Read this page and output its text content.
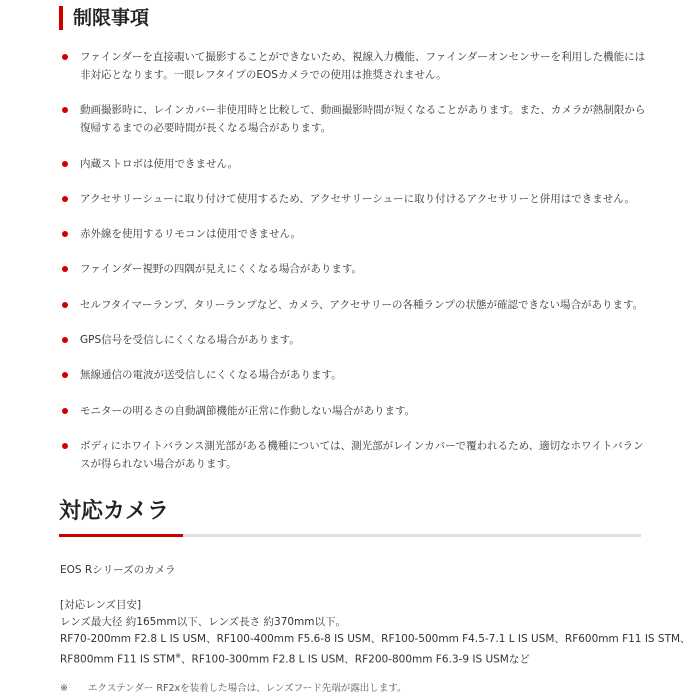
制限事項
ファインダーを直接覗いて撮影することができないため、視線入力機能、ファインダーオンセンサーを利用した機能には非対応となります。一眼レフタイプのEOSカメラでの使用は推奨されません。
動画撮影時に、レインカバー非使用時と比較して、動画撮影時間が短くなることがあります。また、カメラが熱制限から復帰するまでの必要時間が長くなる場合があります。
内蔵ストロボは使用できません。
アクセサリーシューに取り付けて使用するため、アクセサリーシューに取り付けるアクセサリーと併用はできません。
赤外線を使用するリモコンは使用できません。
ファインダー視野の四隅が見えにくくなる場合があります。
セルフタイマーランプ、タリーランプなど、カメラ、アクセサリーの各種ランプの状態が確認できない場合があります。
GPS信号を受信しにくくなる場合があります。
無線通信の電波が送受信しにくくなる場合があります。
モニターの明るさの自動調節機能が正常に作動しない場合があります。
ボディにホワイトバランス測光部がある機種については、測光部がレインカバーで覆われるため、適切なホワイトバランスが得られない場合があります。
対応カメラ
EOS Rシリーズのカメラ
[対応レンズ目安]
レンズ最大径 約165mm以下、レンズ長さ 約370mm以下。
RF70-200mm F2.8 L IS USM、RF100-400mm F5.6-8 IS USM、RF100-500mm F4.5-7.1 L IS USM、RF600mm F11 IS STM、
RF800mm F11 IS STM※、RF100-300mm F2.8 L IS USM、RF200-800mm F6.3-9 IS USMなど
※ エクステンダー RF2xを装着した場合は、レンズフード先端が露出します。
